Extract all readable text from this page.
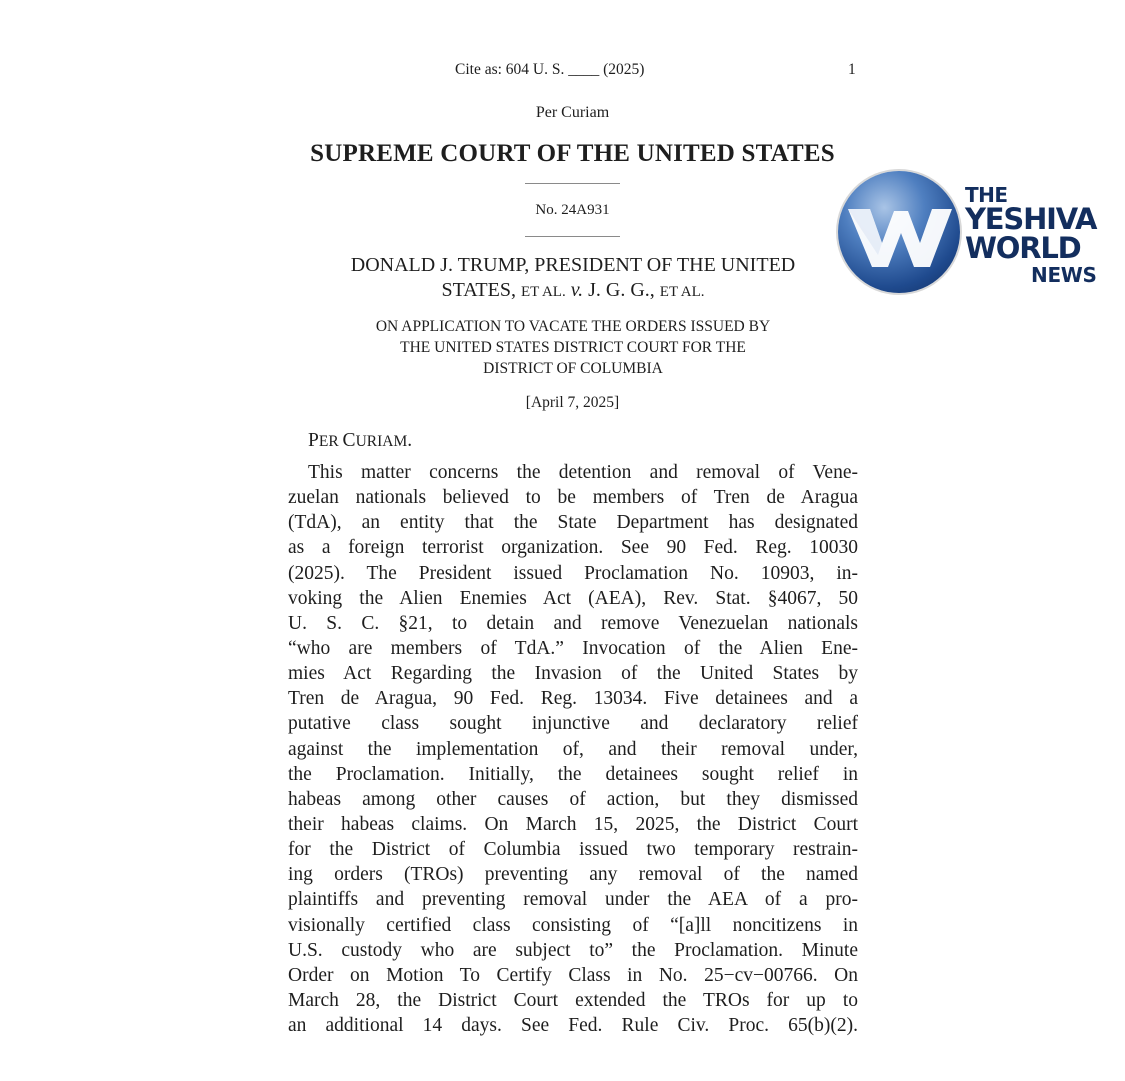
Cite as: 604 U. S. ____ (2025)	1
Per Curiam
SUPREME COURT OF THE UNITED STATES
No. 24A931
DONALD J. TRUMP, PRESIDENT OF THE UNITED
STATES, ET AL. v. J. G. G., ET AL.
ON APPLICATION TO VACATE THE ORDERS ISSUED BY
THE UNITED STATES DISTRICT COURT FOR THE
DISTRICT OF COLUMBIA
[April 7, 2025]
PER CURIAM.
This matter concerns the detention and removal of Vene-
zuelan nationals believed to be members of Tren de Aragua
(TdA), an entity that the State Department has designated
as a foreign terrorist organization. See 90 Fed. Reg. 10030
(2025). The President issued Proclamation No. 10903, in-
voking the Alien Enemies Act (AEA), Rev. Stat. §4067, 50
U. S. C. §21, to detain and remove Venezuelan nationals
“who are members of TdA.” Invocation of the Alien Ene-
mies Act Regarding the Invasion of the United States by
Tren de Aragua, 90 Fed. Reg. 13034. Five detainees and a
putative class sought injunctive and declaratory relief
against the implementation of, and their removal under,
the Proclamation. Initially, the detainees sought relief in
habeas among other causes of action, but they dismissed
their habeas claims. On March 15, 2025, the District Court
for the District of Columbia issued two temporary restrain-
ing orders (TROs) preventing any removal of the named
plaintiffs and preventing removal under the AEA of a pro-
visionally certified class consisting of “[a]ll noncitizens in
U.S. custody who are subject to” the Proclamation. Minute
Order on Motion To Certify Class in No. 25−cv−00766. On
March 28, the District Court extended the TROs for up to
an additional 14 days. See Fed. Rule Civ. Proc. 65(b)(2).
THE
YESHIVA
WORLD
NEWS
